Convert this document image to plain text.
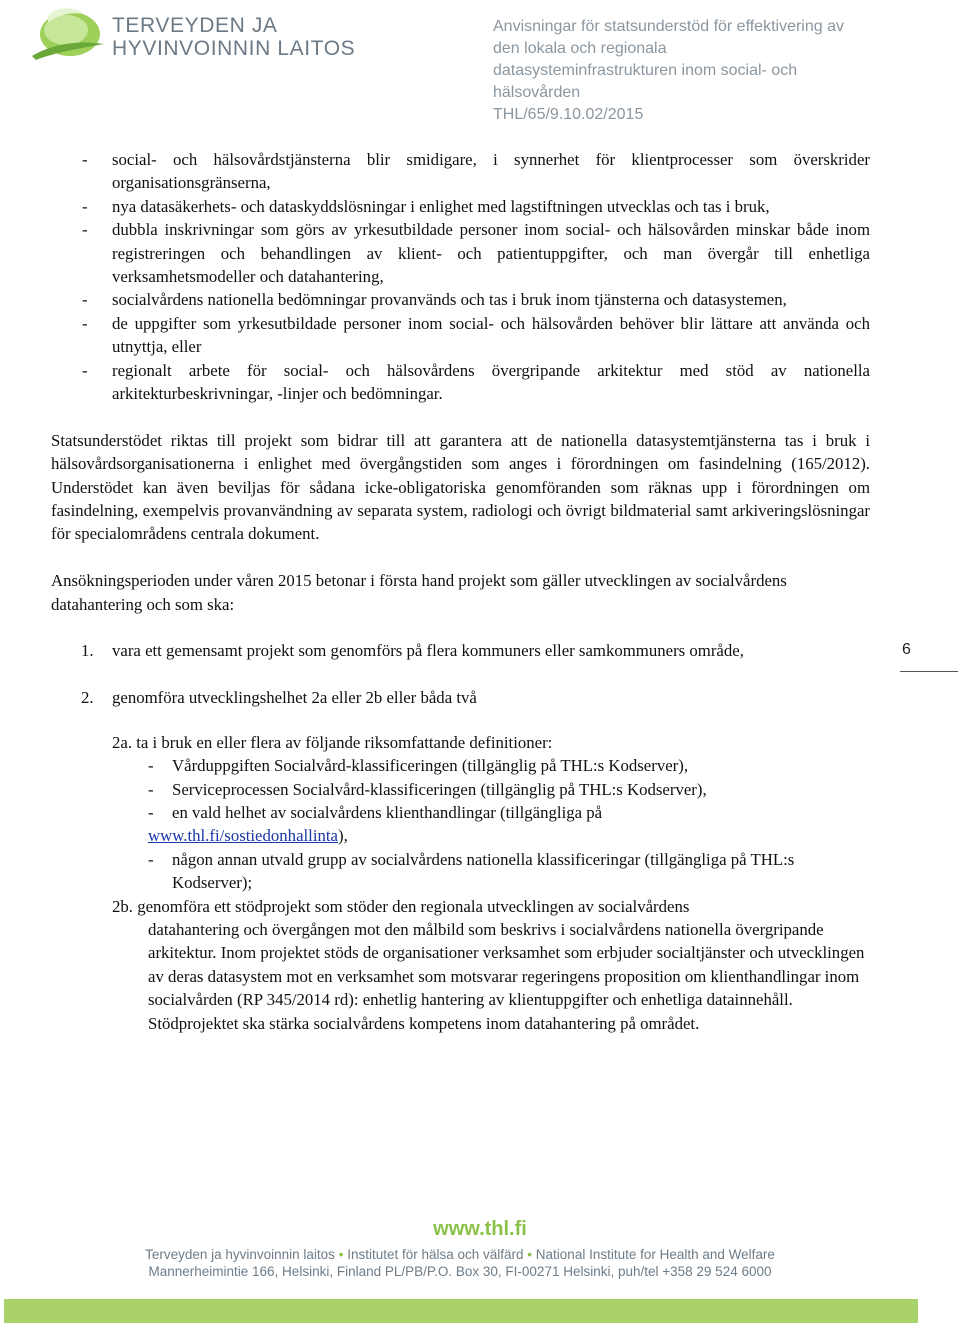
TERVEYDEN JA
HYVINVOINNIN LAITOS
Anvisningar för statsunderstöd för effektivering av
den lokala och regionala
datasysteminfrastrukturen inom social- och
hälsovården
THL/65/9.10.02/2015
- social- och hälsovårdstjänsterna blir smidigare, i synnerhet för klientprocesser som överskrider organisationsgränserna,
- nya datasäkerhets- och dataskyddslösningar i enlighet med lagstiftningen utvecklas och tas i bruk,
- dubbla inskrivningar som görs av yrkesutbildade personer inom social- och hälsovården minskar både inom registreringen och behandlingen av klient- och patientuppgifter, och man övergår till enhetliga verksamhetsmodeller och datahantering,
- socialvårdens nationella bedömningar provanvänds och tas i bruk inom tjänsterna och datasystemen,
- de uppgifter som yrkesutbildade personer inom social- och hälsovården behöver blir lättare att använda och utnyttja, eller
- regionalt arbete för social- och hälsovårdens övergripande arkitektur med stöd av nationella arkitekturbeskrivningar, -linjer och bedömningar.

Statsunderstödet riktas till projekt som bidrar till att garantera att de nationella datasystemtjänsterna tas i bruk i hälsovårdsorganisationerna i enlighet med övergångstiden som anges i förordningen om fasindelning (165/2012). Understödet kan även beviljas för sådana icke-obligatoriska genomföranden som räknas upp i förordningen om fasindelning, exempelvis provanvändning av separata system, radiologi och övrigt bildmaterial samt arkiveringslösningar för specialområdens centrala dokument.

Ansökningsperioden under våren 2015 betonar i första hand projekt som gäller utvecklingen av socialvårdens datahantering och som ska:

1. vara ett gemensamt projekt som genomförs på flera kommuners eller samkommuners område,
2. genomföra utvecklingshelhet 2a eller 2b eller båda två
2a. ta i bruk en eller flera av följande riksomfattande definitioner:
- Vårduppgiften Socialvård-klassificeringen (tillgänglig på THL:s Kodserver),
- Serviceprocessen Socialvård-klassificeringen (tillgänglig på THL:s Kodserver),
- en vald helhet av socialvårdens klienthandlingar (tillgängliga på
www.thl.fi/sostiedonhallinta),
- någon annan utvald grupp av socialvårdens nationella klassificeringar (tillgängliga på THL:s Kodserver);
2b. genomföra ett stödprojekt som stöder den regionala utvecklingen av socialvårdens
datahantering och övergången mot den målbild som beskrivs i socialvårdens nationella övergripande arkitektur. Inom projektet stöds de organisationer verksamhet som erbjuder socialtjänster och utvecklingen av deras datasystem mot en verksamhet som motsvarar regeringens proposition om klienthandlingar inom socialvården (RP 345/2014 rd): enhetlig hantering av klientuppgifter och enhetliga datainnehåll. Stödprojektet ska stärka socialvårdens kompetens inom datahantering på området.
6
www.thl.fi
Terveyden ja hyvinvoinnin laitos • Institutet för hälsa och välfärd • National Institute for Health and Welfare
Mannerheimintie 166, Helsinki, Finland PL/PB/P.O. Box 30, FI-00271 Helsinki, puh/tel +358 29 524 6000
